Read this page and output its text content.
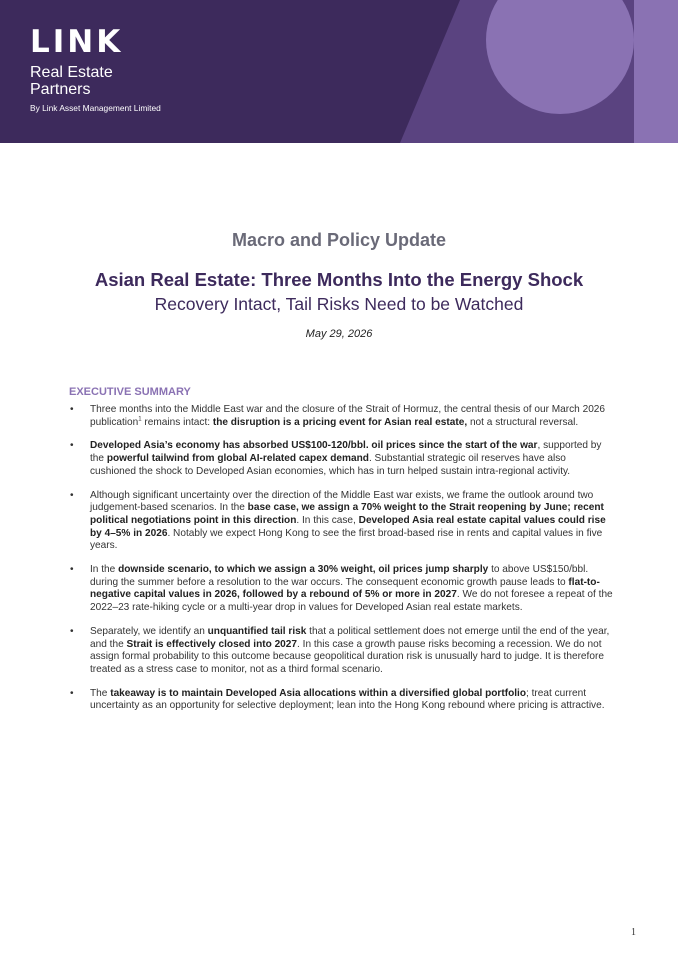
LINK
Real Estate
Partners
By Link Asset Management Limited
Macro and Policy Update
Asian Real Estate: Three Months Into the Energy Shock
Recovery Intact, Tail Risks Need to be Watched
May 29, 2026
EXECUTIVE SUMMARY
• Three months into the Middle East war and the closure of the Strait of Hormuz, the central thesis of our March 2026 publication$^1$ remains intact: the disruption is a pricing event for Asian real estate, not a structural reversal.
• Developed Asia’s economy has absorbed US$100-120/bbl. oil prices since the start of the war, supported by the powerful tailwind from global AI-related capex demand. Substantial strategic oil reserves have also cushioned the shock to Developed Asian economies, which has in turn helped sustain intra-regional activity.
• Although significant uncertainty over the direction of the Middle East war exists, we frame the outlook around two judgement-based scenarios. In the base case, we assign a 70% weight to the Strait reopening by June; recent political negotiations point in this direction. In this case, Developed Asia real estate capital values could rise by 4–5% in 2026. Notably we expect Hong Kong to see the first broad-based rise in rents and capital values in five years.
• In the downside scenario, to which we assign a 30% weight, oil prices jump sharply to above US$150/bbl. during the summer before a resolution to the war occurs. The consequent economic growth pause leads to flat-to-negative capital values in 2026, followed by a rebound of 5% or more in 2027. We do not foresee a repeat of the 2022–23 rate-hiking cycle or a multi-year drop in values for Developed Asian real estate markets.
• Separately, we identify an unquantified tail risk that a political settlement does not emerge until the end of the year, and the Strait is effectively closed into 2027. In this case a growth pause risks becoming a recession. We do not assign formal probability to this outcome because geopolitical duration risk is unusually hard to judge. It is therefore treated as a stress case to monitor, not as a third formal scenario.
• The takeaway is to maintain Developed Asia allocations within a diversified global portfolio; treat current uncertainty as an opportunity for selective deployment; lean into the Hong Kong rebound where pricing is attractive.
1
